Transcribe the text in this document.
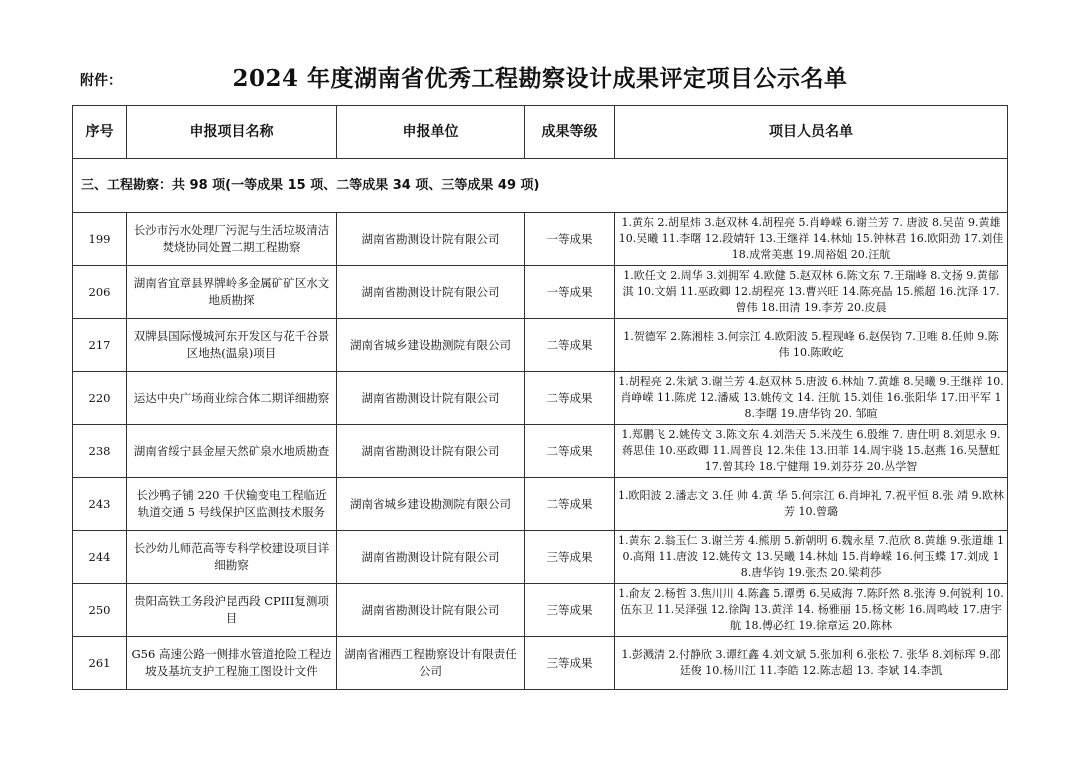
附件：	2024 年度湖南省优秀工程勘察设计成果评定项目公示名单
序号	申报项目名称	申报单位	成果等级	项目人员名单
三、工程勘察：共 98 项(一等成果 15 项、二等成果 34 项、三等成果 49 项)				
199	长沙市污水处理厂污泥与生活垃圾清洁焚烧协同处置二期工程勘察	湖南省勘测设计院有限公司	一等成果	1.黄东 2.胡星炜 3.赵双林 4.胡程亮 5.肖峥嵘 6.谢兰芳 7. 唐波 8.吴苗 9.黄雄 10.吴曦 11.李曙 12.段婧轩 13.王继祥 14.林灿 15.钟林君 16.欧阳劲 17.刘佳 18.成常美惠 19.周裕姐 20.汪航
206	湖南省宜章县界牌岭多金属矿矿区水文地质勘探	湖南省勘测设计院有限公司	一等成果	1.欧任文 2.周华 3.刘拥军 4.欧健 5.赵双林 6.陈文东 7.王瑞峰 8.文扬 9.黄郁淇 10.文娟 11.巫政卿 12.胡程亮 13.曹兴旺 14.陈亮晶 15.熊超 16.沈泽 17.曾伟 18.田清 19.李芳 20.皮晨
217	双牌县国际慢城河东开发区与花千谷景区地热(温泉)项目	湖南省城乡建设勘测院有限公司	二等成果	1.贺德军 2.陈湘桂 3.何宗江 4.欧阳波 5.程现峰 6.赵俣钧 7.卫唯 8.任帅 9.陈伟 10.陈畋屹
220	运达中央广场商业综合体二期详细勘察	湖南省勘测设计院有限公司	二等成果	1.胡程亮 2.朱斌 3.谢兰芳 4.赵双林 5.唐波 6.林灿 7.黄雄 8.吴曦 9.王继祥 10.肖峥嵘 11.陈虎 12.潘威 13.姚传文 14. 汪航 15.刘佳 16.张阳华 17.田平军 18.李曙 19.唐华钧 20. 邹暄
238	湖南省绥宁县金屋天然矿泉水地质勘查	湖南省勘测设计院有限公司	二等成果	1.郑鹏飞 2.姚传文 3.陈文东 4.刘浩天 5.米茂生 6.殷维 7. 唐仕明 8.刘思永 9.蒋思佳 10.巫政卿 11.周普良 12.朱佳 13.田菲 14.周宇骁 15.赵燕 16.吴慧虹 17.曾其玲 18.宁健翔 19.刘芬芬 20.丛学智
243	长沙鸭子铺 220 千伏输变电工程临近轨道交通 5 号线保护区监测技术服务	湖南省城乡建设勘测院有限公司	二等成果	1.欧阳波 2.潘志文 3.任 帅 4.黄 华 5.何宗江 6.肖坤礼 7.祝平恒 8.张 靖 9.欧林芳 10.曾璐
244	长沙幼儿师范高等专科学校建设项目详细勘察	湖南省勘测设计院有限公司	三等成果	1.黄东 2.翁玉仁 3.谢兰芳 4.熊朋 5.新朝明 6.魏永星 7.范欣 8.黄雄 9.张道雄 10.高翔 11.唐波 12.姚传文 13.吴曦 14.林灿 15.肖峥嵘 16.何玉蝶 17.刘成 18.唐华钧 19.张杰 20.梁莉莎
250	贵阳高铁工务段沪昆西段 CPIII复测项目	湖南省勘测设计院有限公司	三等成果	1.俞友 2.杨哲 3.焦川川 4.陈鑫 5.谭勇 6.吴威海 7.陈阡然 8.张涛 9.何锐利 10.伍东卫 11.吴泽强 12.徐陶 13.黄洋 14. 杨雅丽 15.杨文彬 16.周鸣岐 17.唐宇航 18.傅必红 19.徐章运 20.陈林
261	G56 高速公路一侧排水管道抢险工程边坡及基坑支护工程施工图设计文件	湖南省湘西工程勘察设计有限责任公司	三等成果	1.彭溅清 2.付静欣 3.谭红鑫 4.刘文斌 5.张加利 6.张松 7. 张华 8.刘标珲 9.邵廷俊 10.杨川江 11.李皓 12.陈志超 13. 李斌 14.李凯
